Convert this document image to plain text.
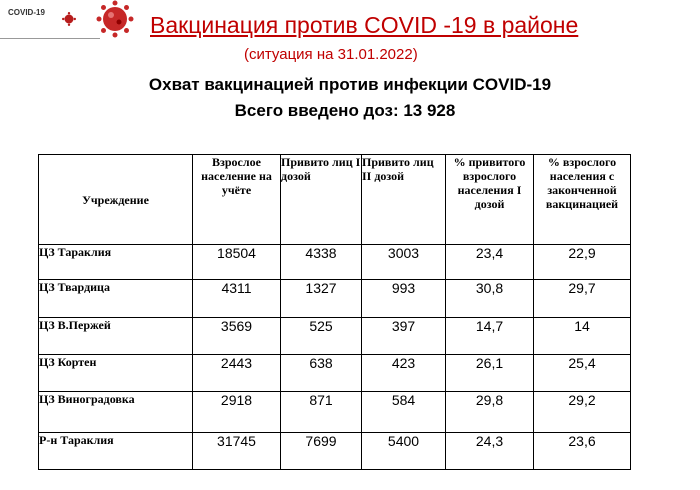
COVID-19	Вакцинация против COVID -19 в районе
(ситуация на 31.01.2022)
Охват вакцинацией против инфекции COVID-19
Всего введено доз: 13 928
Учреждение	Взрослое население на учёте	Привито лиц I дозой	Привито лиц II дозой	% привитого взрослого населения I дозой	% взрослого населения с законченной вакцинацией
ЦЗ Тараклия	18504	4338	3003	23,4	22,9
ЦЗ Твардица	4311	1327	993	30,8	29,7
ЦЗ В.Пержей	3569	525	397	14,7	14
ЦЗ Кортен	2443	638	423	26,1	25,4
ЦЗ Виноградовка	2918	871	584	29,8	29,2
Р-н Тараклия	31745	7699	5400	24,3	23,6
